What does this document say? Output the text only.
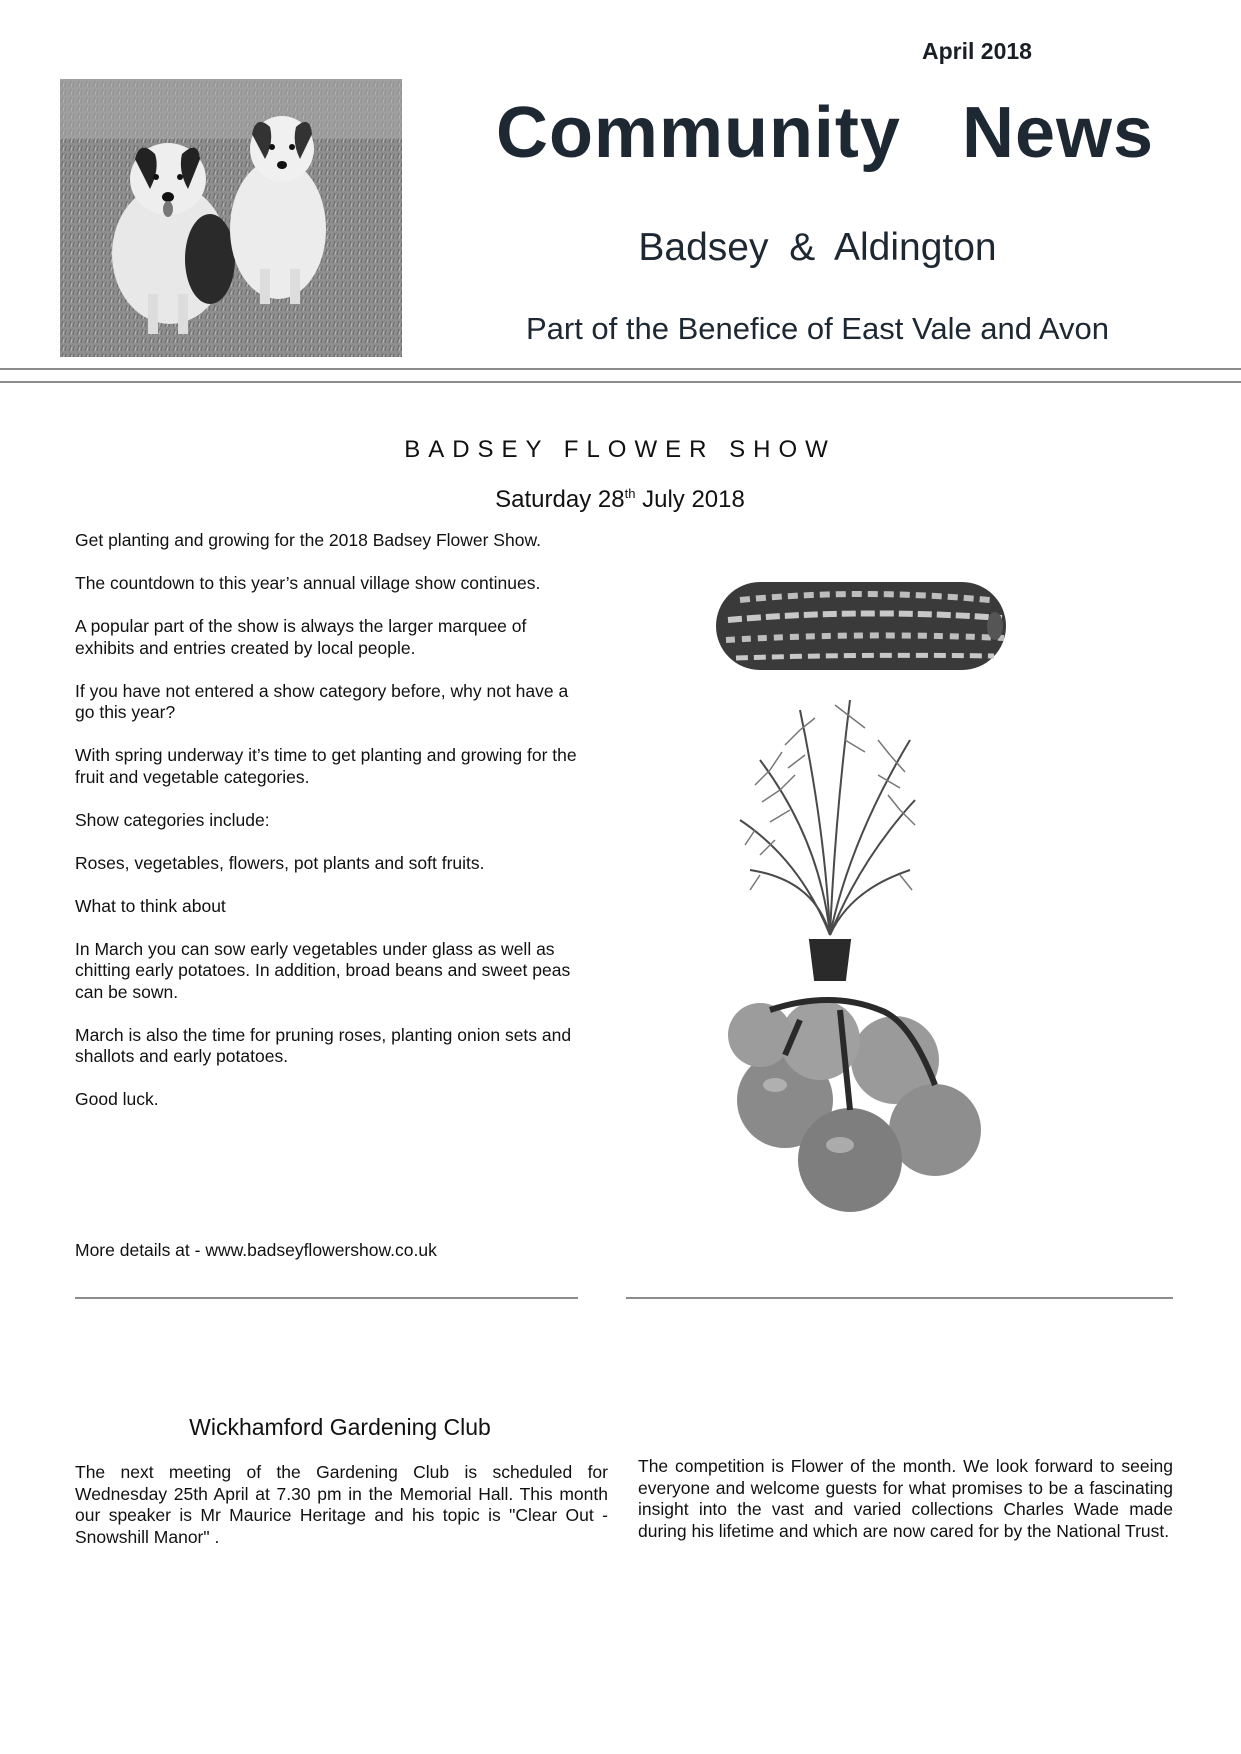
April 2018
Community News
Badsey & Aldington
Part of the Benefice of East Vale and Avon
BADSEY FLOWER SHOW
Saturday 28th July 2018

Get planting and growing for the 2018 Badsey Flower Show.

The countdown to this year’s annual village show continues.

A popular part of the show is always the larger marquee of exhibits and entries created by local people.

If you have not entered a show category before, why not have a go this year?

With spring underway it’s time to get planting and growing for the fruit and vegetable categories.

Show categories include:

Roses, vegetables, flowers, pot plants and soft fruits.

What to think about

In March you can sow early vegetables under glass as well as chitting early potatoes. In addition, broad beans and sweet peas can be sown.

March is also the time for pruning roses, planting onion sets and shallots and early potatoes.

Good luck.

More details at - www.badseyflowershow.co.uk
Wickhamford Gardening Club
The next meeting of the Gardening Club is scheduled for Wednesday 25th April at 7.30 pm in the Memorial Hall. This month our speaker is Mr Maurice Heritage and his topic is "Clear Out -Snowshill Manor" .
The competition is Flower of the month. We look forward to seeing everyone and welcome guests for what promises to be a fascinating insight into the vast and varied collections Charles Wade made during his lifetime and which are now cared for by the National Trust.
